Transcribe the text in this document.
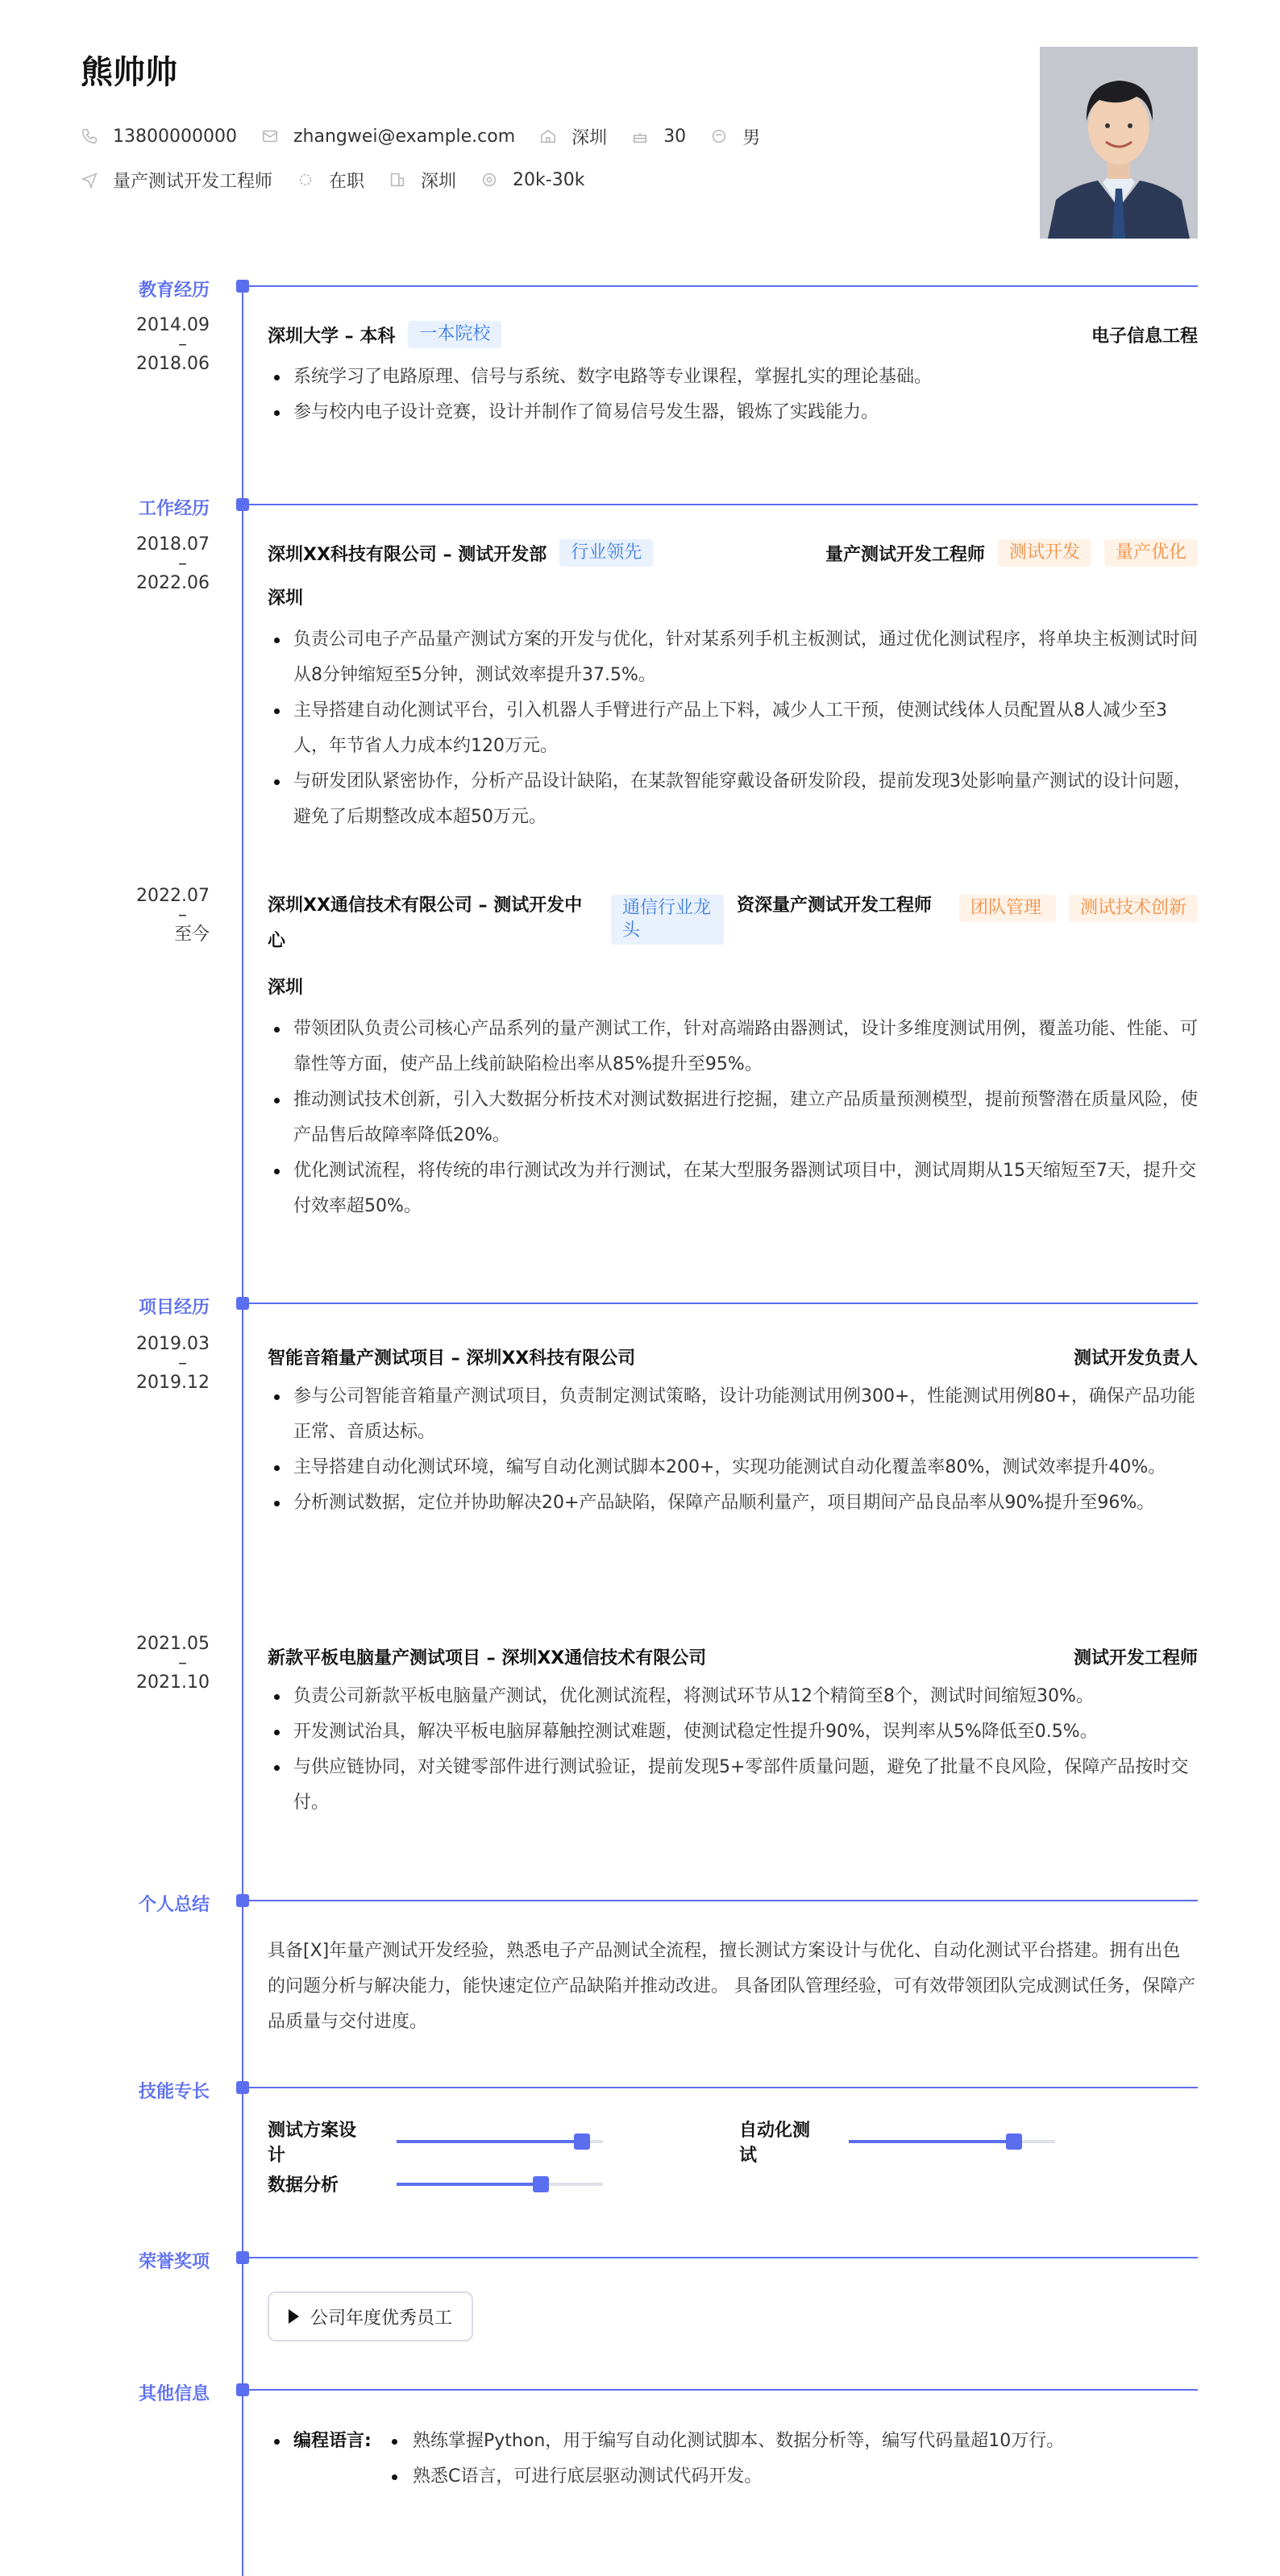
熊帅帅
13800000000	zhangwei@example.com	深圳	30	男
量产测试开发工程师	在职	深圳	20k-30k
教育经历
2014.09
–
2018.06
深圳大学 – 本科	一本院校	电子信息工程
系统学习了电路原理、信号与系统、数字电路等专业课程，掌握扎实的理论基础。
参与校内电子设计竞赛，设计并制作了简易信号发生器，锻炼了实践能力。
工作经历
2018.07
–
2022.06
深圳XX科技有限公司 – 测试开发部	行业领先	量产测试开发工程师	测试开发	量产优化
深圳
负责公司电子产品量产测试方案的开发与优化，针对某系列手机主板测试，通过优化测试程序，将单块主板测试时间从8分钟缩短至5分钟，测试效率提升37.5%。
主导搭建自动化测试平台，引入机器人手臂进行产品上下料，减少人工干预，使测试线体人员配置从8人减少至3人，年节省人力成本约120万元。
与研发团队紧密协作，分析产品设计缺陷，在某款智能穿戴设备研发阶段，提前发现3处影响量产测试的设计问题，避免了后期整改成本超50万元。
2022.07
–
至今
深圳XX通信技术有限公司 – 测试开发中心
通信行业龙头
资深量产测试开发工程师	团队管理	测试技术创新
深圳
带领团队负责公司核心产品系列的量产测试工作，针对高端路由器测试，设计多维度测试用例，覆盖功能、性能、可靠性等方面，使产品上线前缺陷检出率从85%提升至95%。
推动测试技术创新，引入大数据分析技术对测试数据进行挖掘，建立产品质量预测模型，提前预警潜在质量风险，使产品售后故障率降低20%。
优化测试流程，将传统的串行测试改为并行测试，在某大型服务器测试项目中，测试周期从15天缩短至7天，提升交付效率超50%。
项目经历
2019.03
–
2019.12
智能音箱量产测试项目 – 深圳XX科技有限公司	测试开发负责人
参与公司智能音箱量产测试项目，负责制定测试策略，设计功能测试用例300+，性能测试用例80+，确保产品功能正常、音质达标。
主导搭建自动化测试环境，编写自动化测试脚本200+，实现功能测试自动化覆盖率80%，测试效率提升40%。
分析测试数据，定位并协助解决20+产品缺陷，保障产品顺利量产，项目期间产品良品率从90%提升至96%。
2021.05
–
2021.10
新款平板电脑量产测试项目 – 深圳XX通信技术有限公司	测试开发工程师
负责公司新款平板电脑量产测试，优化测试流程，将测试环节从12个精简至8个，测试时间缩短30%。
开发测试治具，解决平板电脑屏幕触控测试难题，使测试稳定性提升90%，误判率从5%降低至0.5%。
与供应链协同，对关键零部件进行测试验证，提前发现5+零部件质量问题，避免了批量不良风险，保障产品按时交付。
个人总结
具备[X]年量产测试开发经验，熟悉电子产品测试全流程，擅长测试方案设计与优化、自动化测试平台搭建。拥有出色的问题分析与解决能力，能快速定位产品缺陷并推动改进。 具备团队管理经验，可有效带领团队完成测试任务，保障产品质量与交付进度。
技能专长
测试方案设计
自动化测试
数据分析
荣誉奖项
公司年度优秀员工
其他信息
编程语言: 熟练掌握Python，用于编写自动化测试脚本、数据分析等，编写代码量超10万行。
熟悉C语言，可进行底层驱动测试代码开发。
